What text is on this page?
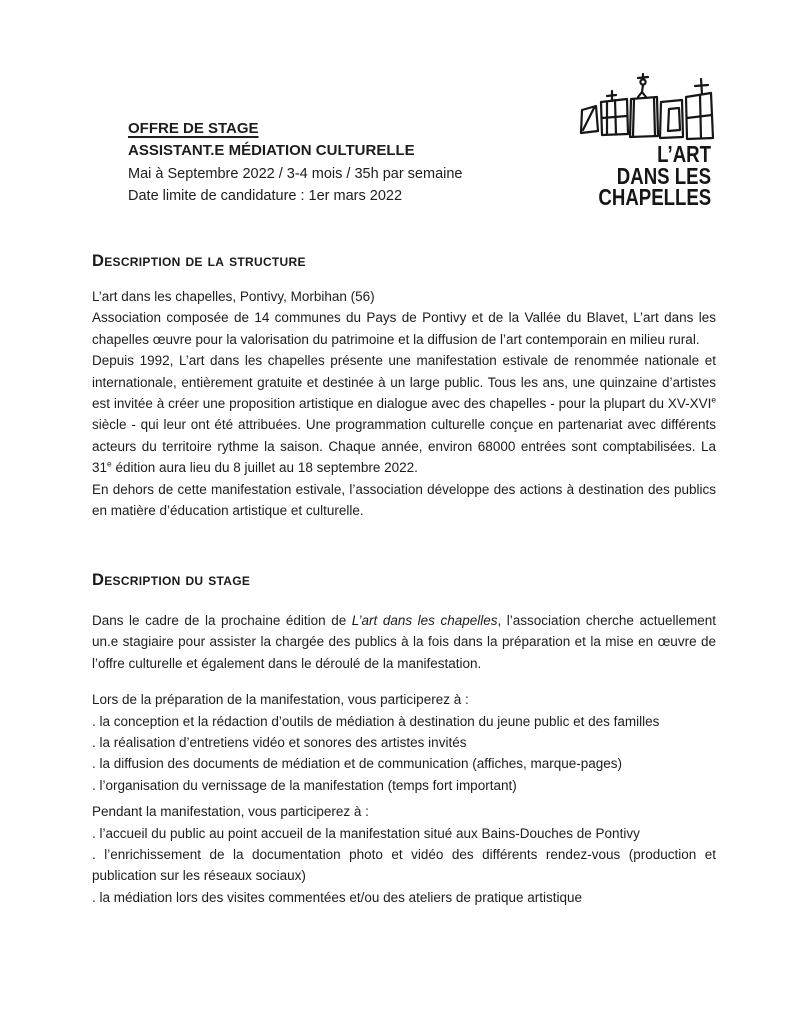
OFFRE DE STAGE
ASSISTANT.E MÉDIATION CULTURELLE
Mai à Septembre 2022 / 3-4 mois / 35h par semaine
Date limite de candidature : 1er mars 2022
L’ART
DANS LES
CHAPELLES
Description de la structure

L’art dans les chapelles, Pontivy, Morbihan (56)

Association composée de 14 communes du Pays de Pontivy et de la Vallée du Blavet, L’art dans les chapelles œuvre pour la valorisation du patrimoine et la diffusion de l’art contemporain en milieu rural.

Depuis 1992, L’art dans les chapelles présente une manifestation estivale de renommée nationale et internationale, entièrement gratuite et destinée à un large public. Tous les ans, une quinzaine d’artistes est invitée à créer une proposition artistique en dialogue avec des chapelles - pour la plupart du XV-XVIe siècle - qui leur ont été attribuées. Une programmation culturelle conçue en partenariat avec différents acteurs du territoire rythme la saison. Chaque année, environ 68000 entrées sont comptabilisées. La 31e édition aura lieu du 8 juillet au 18 septembre 2022.

En dehors de cette manifestation estivale, l’association développe des actions à destination des publics en matière d’éducation artistique et culturelle.

Description du stage

Dans le cadre de la prochaine édition de L’art dans les chapelles, l’association cherche actuellement un.e stagiaire pour assister la chargée des publics à la fois dans la préparation et la mise en œuvre de l’offre culturelle et également dans le déroulé de la manifestation.

Lors de la préparation de la manifestation, vous participerez à :

. la conception et la rédaction d’outils de médiation à destination du jeune public et des familles

. la réalisation d’entretiens vidéo et sonores des artistes invités

. la diffusion des documents de médiation et de communication (affiches, marque-pages)

. l’organisation du vernissage de la manifestation (temps fort important)

Pendant la manifestation, vous participerez à :

. l’accueil du public au point accueil de la manifestation situé aux Bains-Douches de Pontivy

. l’enrichissement de la documentation photo et vidéo des différents rendez-vous (production et publication sur les réseaux sociaux)

. la médiation lors des visites commentées et/ou des ateliers de pratique artistique
